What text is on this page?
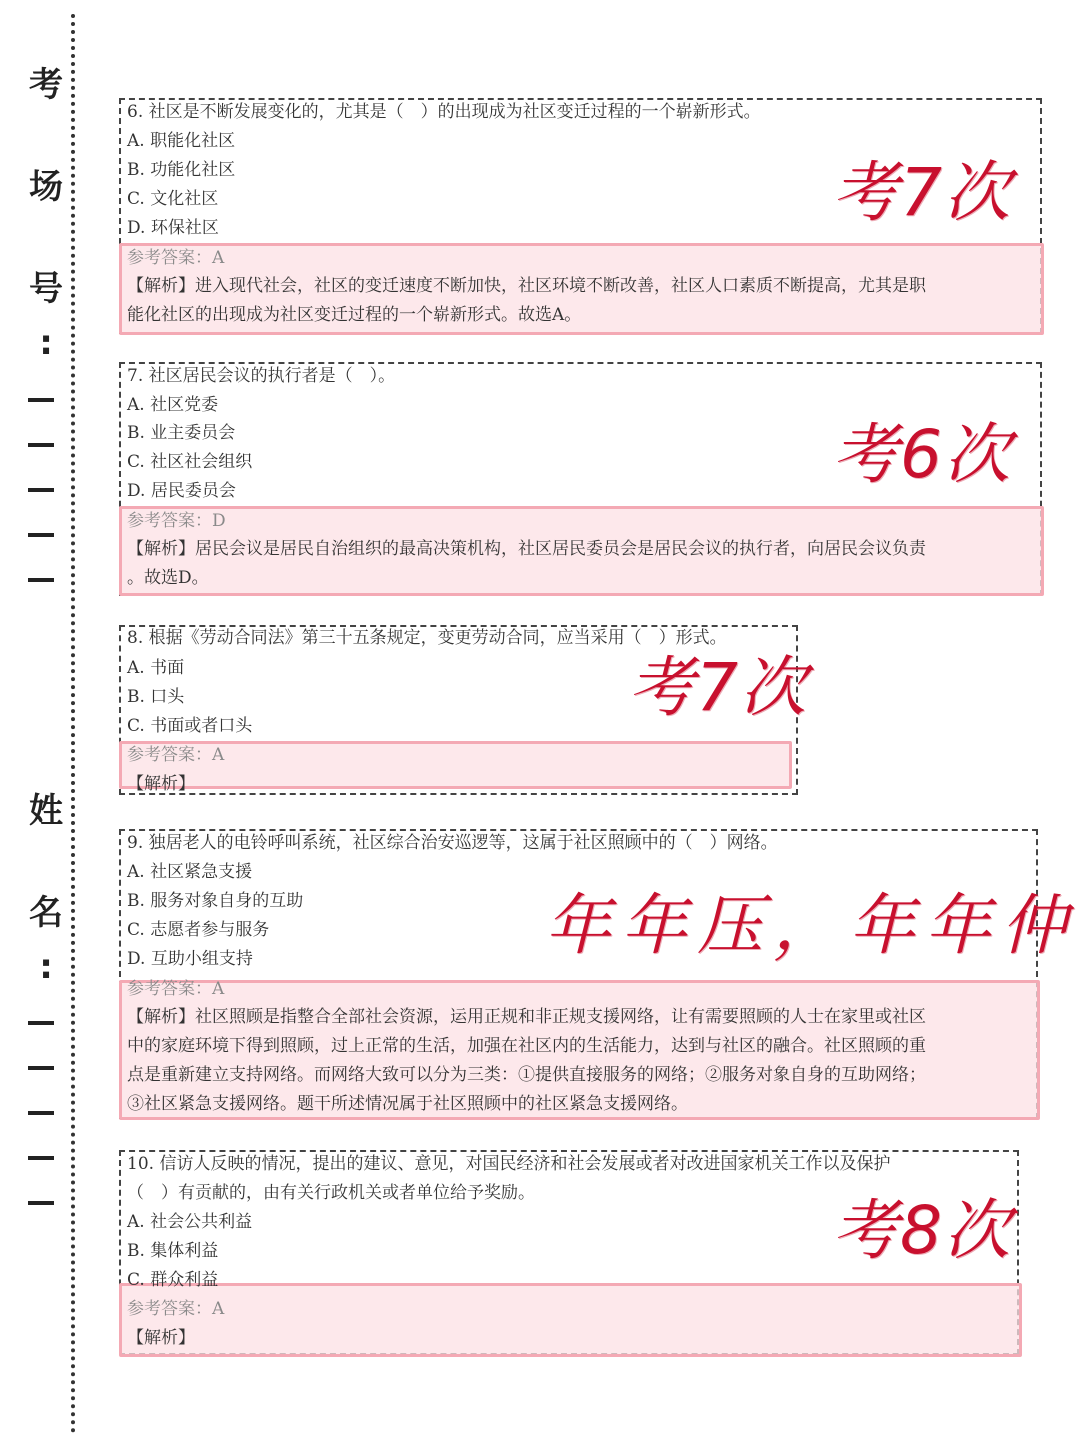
考
场
号
:
姓
名
:
6. 社区是不断发展变化的，尤其是（　）的出现成为社区变迁过程的一个崭新形式。
A. 职能化社区
B. 功能化社区
C. 文化社区
D. 环保社区
参考答案：A
【解析】进入现代社会，社区的变迁速度不断加快，社区环境不断改善，社区人口素质不断提高，尤其是职
能化社区的出现成为社区变迁过程的一个崭新形式。故选A。
考7次
7. 社区居民会议的执行者是（　）。
A. 社区党委
B. 业主委员会
C. 社区社会组织
D. 居民委员会
参考答案：D
【解析】居民会议是居民自治组织的最高决策机构，社区居民委员会是居民会议的执行者，向居民会议负责
。故选D。
考6次
8. 根据《劳动合同法》第三十五条规定，变更劳动合同，应当采用（　）形式。
A. 书面
B. 口头
C. 书面或者口头
参考答案：A
【解析】
考7次
9. 独居老人的电铃呼叫系统，社区综合治安巡逻等，这属于社区照顾中的（　）网络。
A. 社区紧急支援
B. 服务对象自身的互助
C. 志愿者参与服务
D. 互助小组支持
参考答案：A
【解析】社区照顾是指整合全部社会资源，运用正规和非正规支援网络，让有需要照顾的人士在家里或社区
中的家庭环境下得到照顾，过上正常的生活，加强在社区内的生活能力，达到与社区的融合。社区照顾的重
点是重新建立支持网络。而网络大致可以分为三类：①提供直接服务的网络；②服务对象自身的互助网络；
③社区紧急支援网络。题干所述情况属于社区照顾中的社区紧急支援网络。
年年压，年年仲
10. 信访人反映的情况，提出的建议、意见，对国民经济和社会发展或者对改进国家机关工作以及保护
（　）有贡献的，由有关行政机关或者单位给予奖励。
A. 社会公共利益
B. 集体利益
C. 群众利益
参考答案：A
【解析】
考8次
